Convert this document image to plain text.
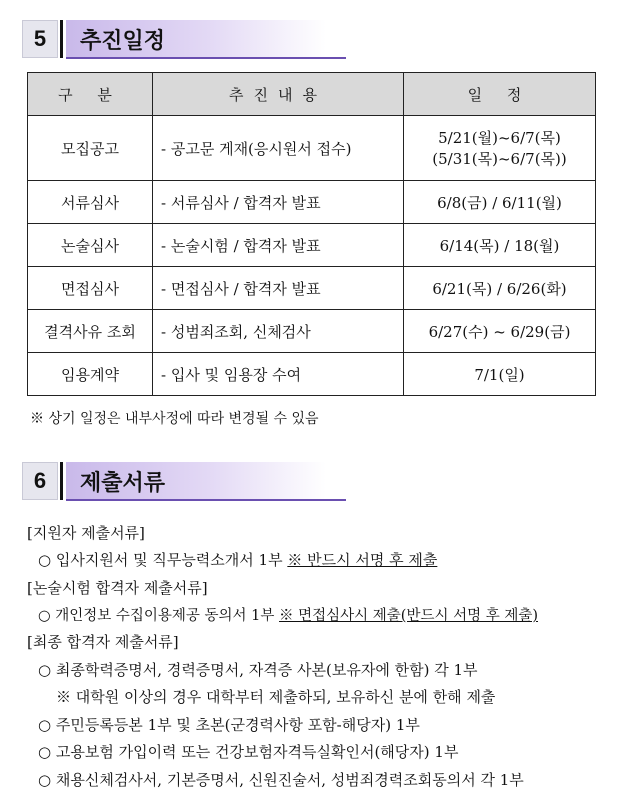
5	추진일정
구 분	추진내용	일 정
모집공고	- 공고문 게재(응시원서 접수)	5/21(월)~6/7(목)
(5/31(목)~6/7(목))

서류심사	- 서류심사 / 합격자 발표	6/8(금) / 6/11(월)
논술심사	- 논술시험 / 합격자 발표	6/14(목) / 18(월)
면접심사	- 면접심사 / 합격자 발표	6/21(목) / 6/26(화)
결격사유 조회	- 성범죄조회, 신체검사	6/27(수) ~ 6/29(금)
임용계약	- 입사 및 임용장 수여	7/1(일)
※ 상기 일정은 내부사정에 따라 변경될 수 있음
6	제출서류
[지원자 제출서류]
○ 입사지원서 및 직무능력소개서 1부 ※ 반드시 서명 후 제출
[논술시험 합격자 제출서류]
○ 개인정보 수집이용제공 동의서 1부 ※ 면접심사시 제출(반드시 서명 후 제출)
[최종 합격자 제출서류]
○ 최종학력증명서, 경력증명서, 자격증 사본(보유자에 한함) 각 1부
※ 대학원 이상의 경우 대학부터 제출하되, 보유하신 분에 한해 제출
○ 주민등록등본 1부 및 초본(군경력사항 포함-해당자) 1부
○ 고용보험 가입이력 또는 건강보험자격득실확인서(해당자) 1부
○ 채용신체검사서, 기본증명서, 신원진술서, 성범죄경력조회동의서 각 1부
